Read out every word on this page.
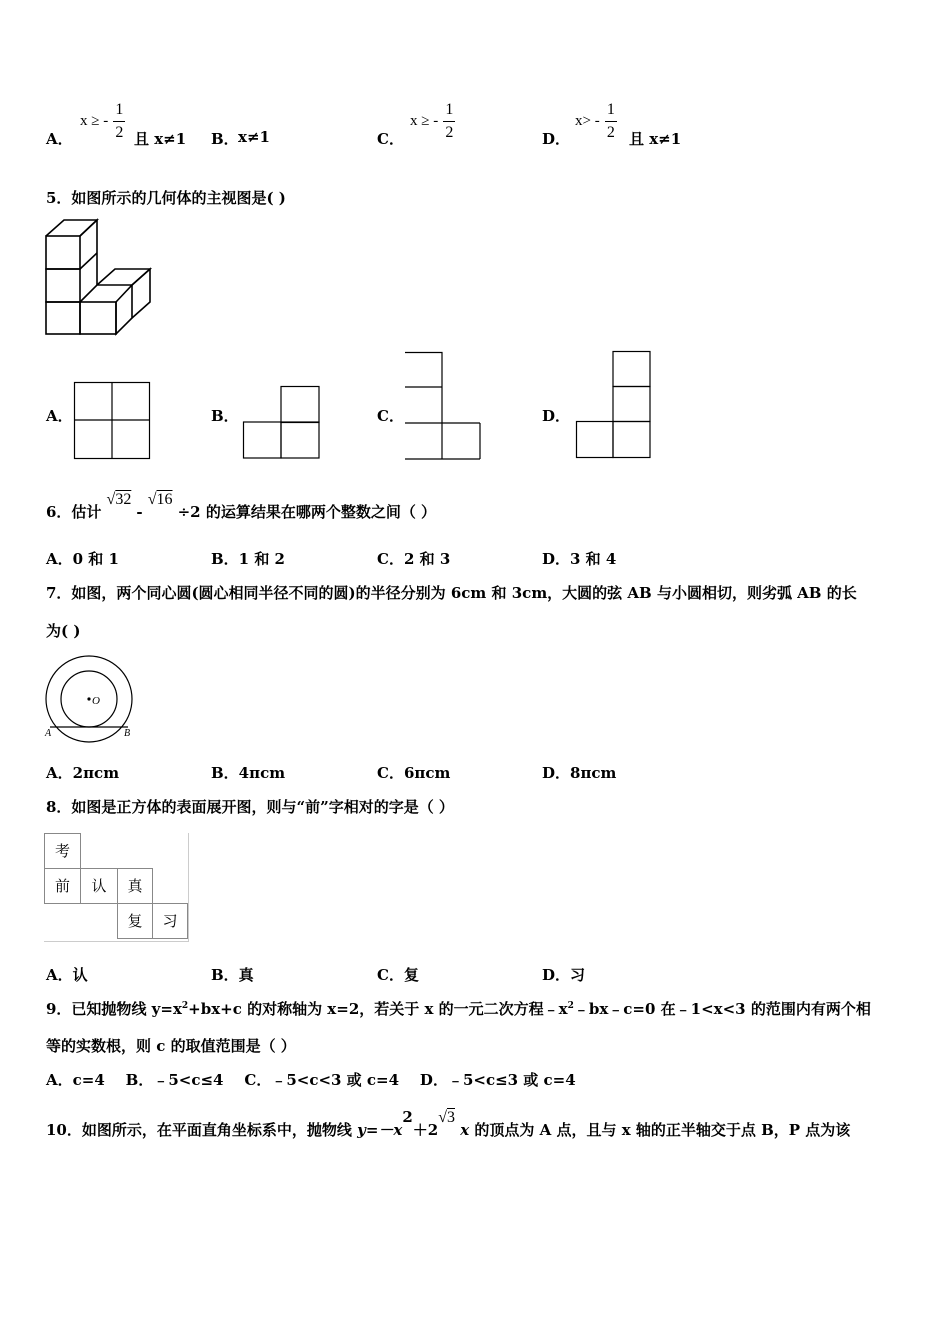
A．
x ≥ - $\frac{1}{2}$ 且 x≠1 B． x≠1	C．
x ≥ - $\frac{1}{2}$	D．
$x> - \frac{1}{2}$ 且 x≠1
5．如图所示的几何体的主视图是( )
A．	B．	C．	D．
6．估计 √32 - √16 ÷2 的运算结果在哪两个整数之间（ ）
A．0 和 1	B．1 和 2	C．2 和 3	D．3 和 4
7．如图，两个同心圆(圆心相同半径不同的圆)的半径分别为 6cm 和 3cm，大圆的弦 AB 与小圆相切，则劣弧 AB 的长
为( )
O
A	B
A．2πcm	B．4πcm	C．6πcm	D．8πcm
8．如图是正方体的表面展开图，则与“前”字相对的字是（ ）
考
前	认	真
复	习
A．认	B．真	C．复	D．习
9．已知抛物线 $y=x^2+bx+c$ 的对称轴为 x=2，若关于 x 的一元二次方程$﹣x^2﹣bx﹣c=0$ 在﹣1<x<3 的范围内有两个相
等的实数根，则 c 的取值范围是（ ）
A．c=4    B．﹣5<c≤4    C．﹣5<c<3 或 c=4    D．﹣5<c≤3 或 c=4
10．如图所示，在平面直角坐标系中，抛物线 $y=-x^2+2√3$ x 的顶点为 A 点，且与 x 轴的正半轴交于点 B，P 点为该
